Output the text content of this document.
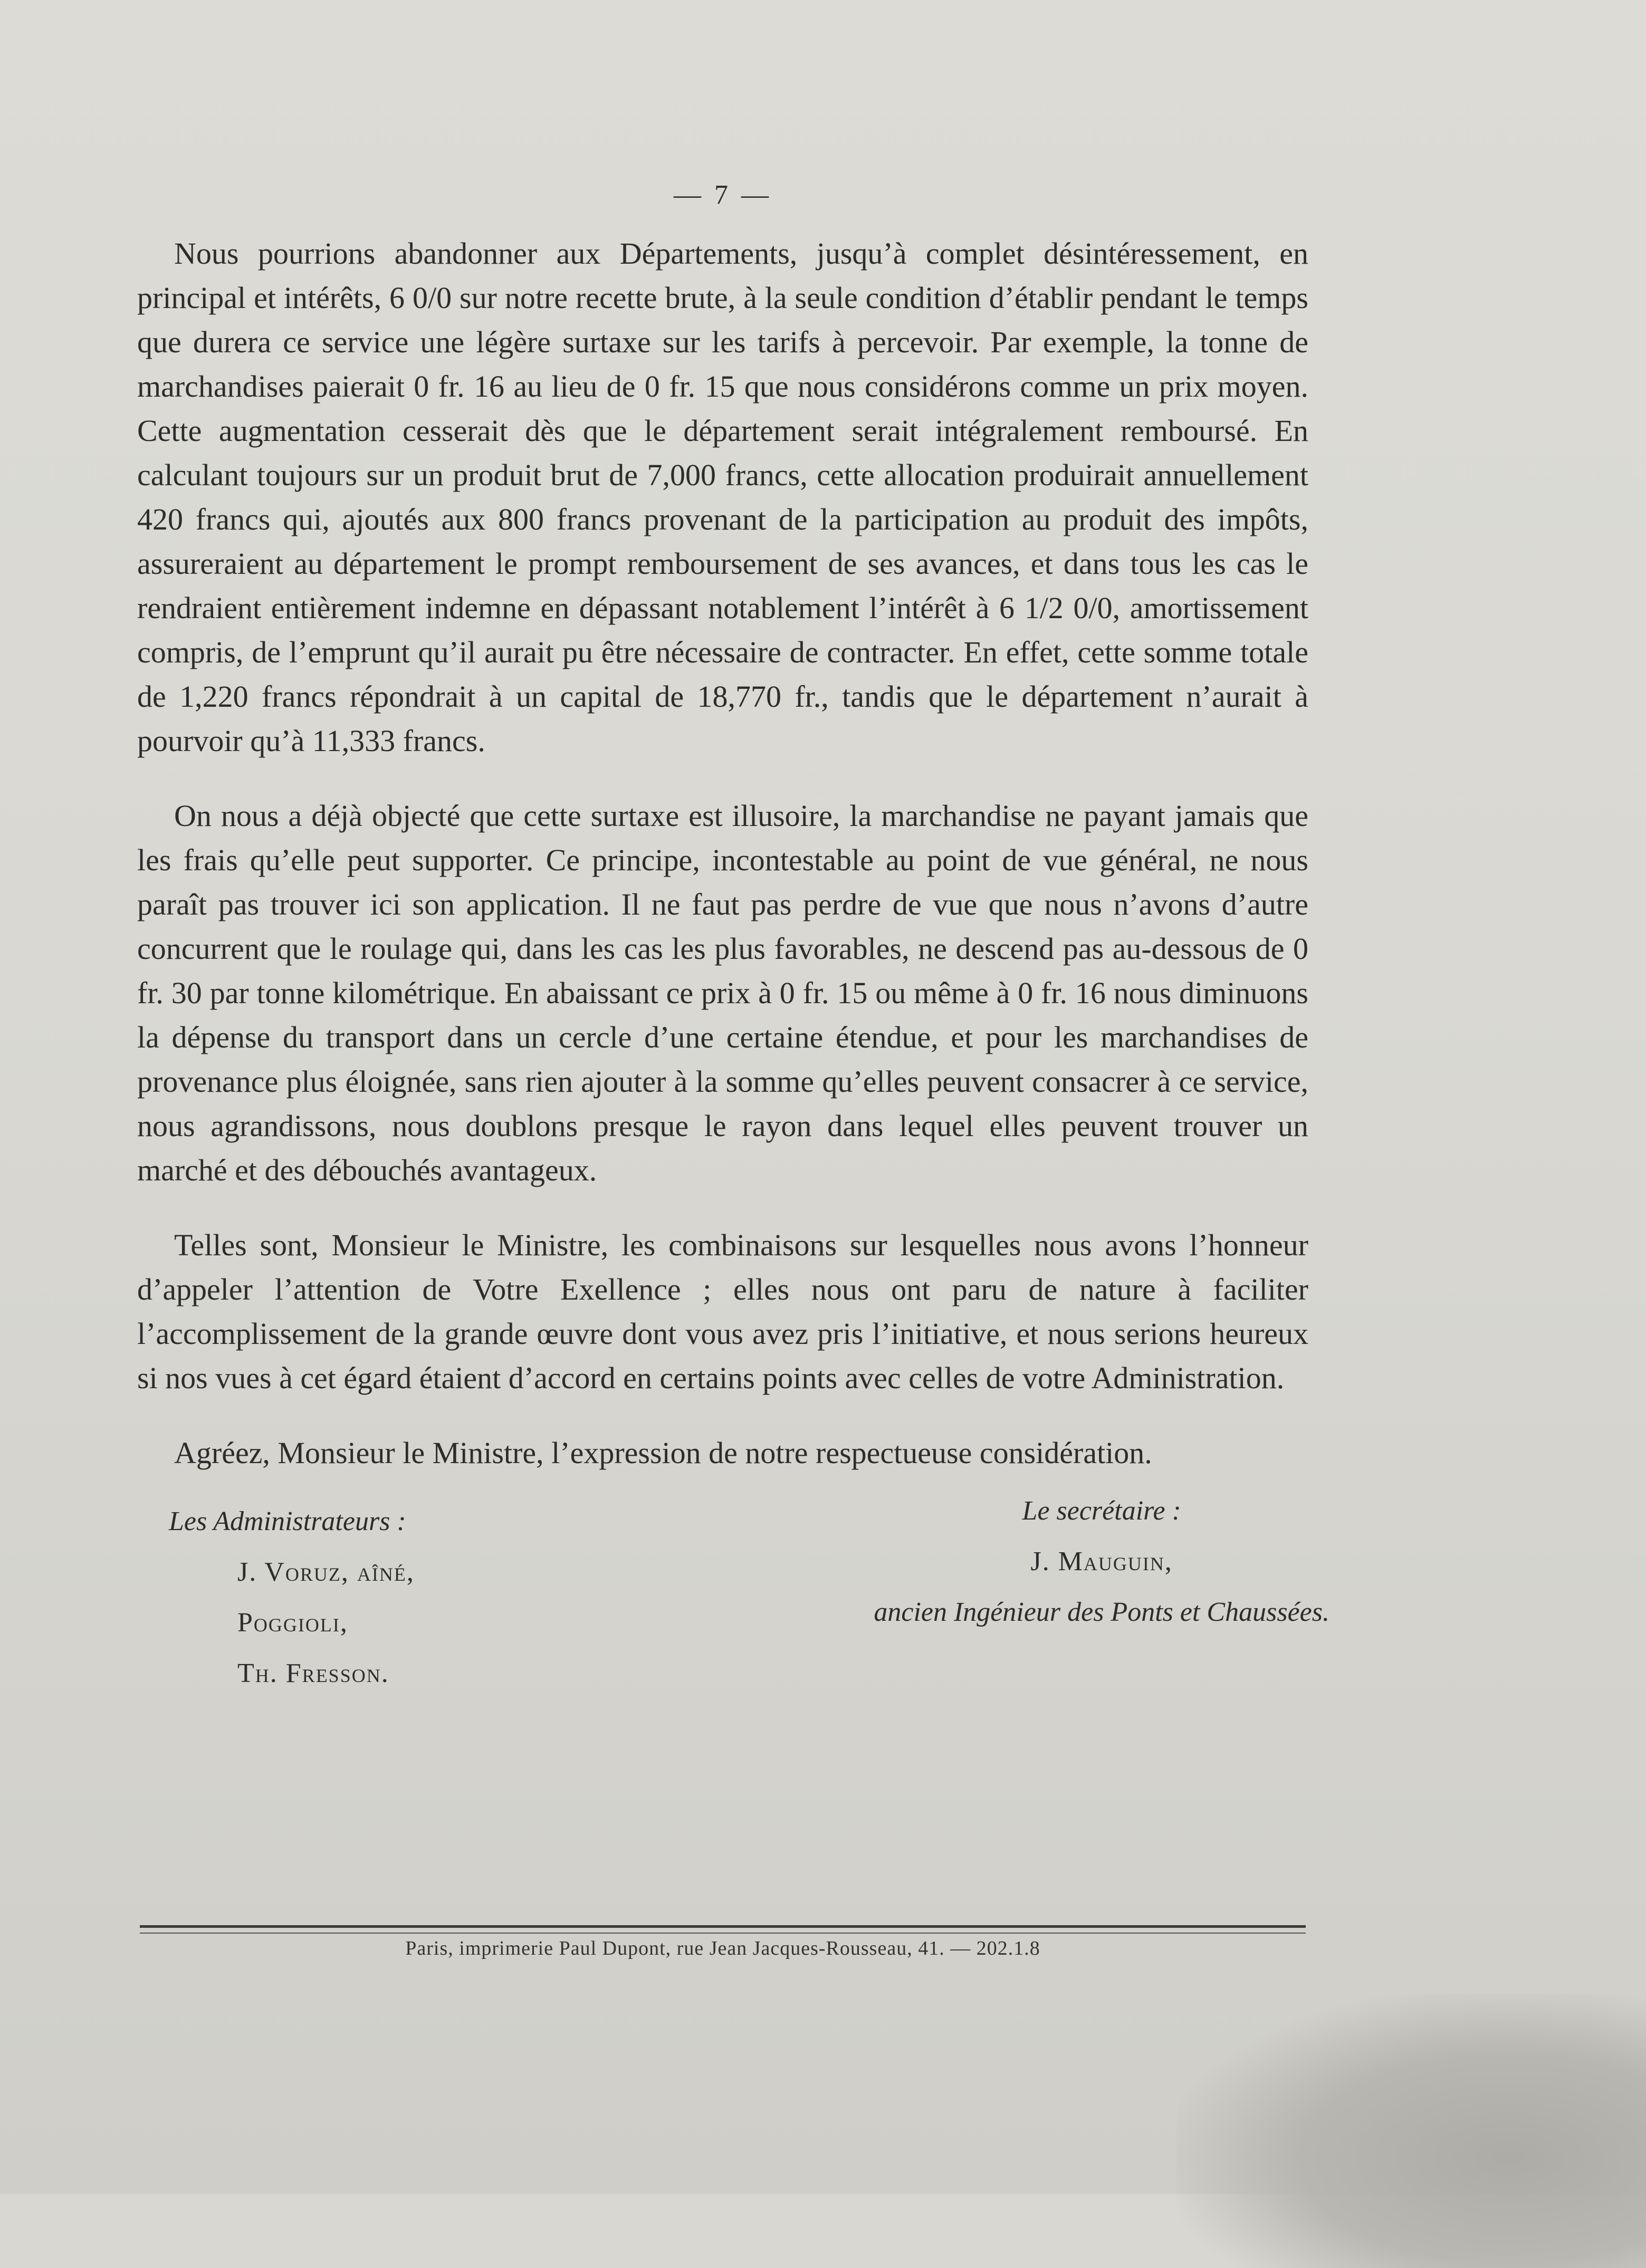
— 7 —

Nous pourrions abandonner aux Départements, jusqu’à complet désintéressement, en principal et intérêts, 6 0/0 sur notre recette brute, à la seule condition d’établir pendant le temps que durera ce service une légère surtaxe sur les tarifs à percevoir. Par exemple, la tonne de marchandises paierait 0 fr. 16 au lieu de 0 fr. 15 que nous considérons comme un prix moyen. Cette augmentation cesserait dès que le département serait intégralement remboursé. En calculant toujours sur un produit brut de 7,000 francs, cette allocation produirait annuellement 420 francs qui, ajoutés aux 800 francs provenant de la participation au produit des impôts, assureraient au département le prompt remboursement de ses avances, et dans tous les cas le rendraient entièrement indemne en dépassant notablement l’intérêt à 6 1/2 0/0, amortissement compris, de l’emprunt qu’il aurait pu être nécessaire de contracter. En effet, cette somme totale de 1,220 francs répondrait à un capital de 18,770 fr., tandis que le département n’aurait à pourvoir qu’à 11,333 francs.

On nous a déjà objecté que cette surtaxe est illusoire, la marchandise ne payant jamais que les frais qu’elle peut supporter. Ce principe, incontestable au point de vue général, ne nous paraît pas trouver ici son application. Il ne faut pas perdre de vue que nous n’avons d’autre concurrent que le roulage qui, dans les cas les plus favorables, ne descend pas au-dessous de 0 fr. 30 par tonne kilométrique. En abaissant ce prix à 0 fr. 15 ou même à 0 fr. 16 nous diminuons la dépense du transport dans un cercle d’une certaine étendue, et pour les marchandises de provenance plus éloignée, sans rien ajouter à la somme qu’elles peuvent consacrer à ce service, nous agrandissons, nous doublons presque le rayon dans lequel elles peuvent trouver un marché et des débouchés avantageux.

Telles sont, Monsieur le Ministre, les combinaisons sur lesquelles nous avons l’honneur d’appeler l’attention de Votre Exellence ; elles nous ont paru de nature à faciliter l’accomplissement de la grande œuvre dont vous avez pris l’initiative, et nous serions heureux si nos vues à cet égard étaient d’accord en certains points avec celles de votre Administration.

Agréez, Monsieur le Ministre, l’expression de notre respectueuse considération.

Les Administrateurs :
J. Voruz, aîné,
Poggioli,
Th. Fresson.
Le secrétaire :
J. Mauguin,
ancien Ingénieur des Ponts et Chaussées.
Paris, imprimerie Paul Dupont, rue Jean Jacques-Rousseau, 41. — 202.1.8
